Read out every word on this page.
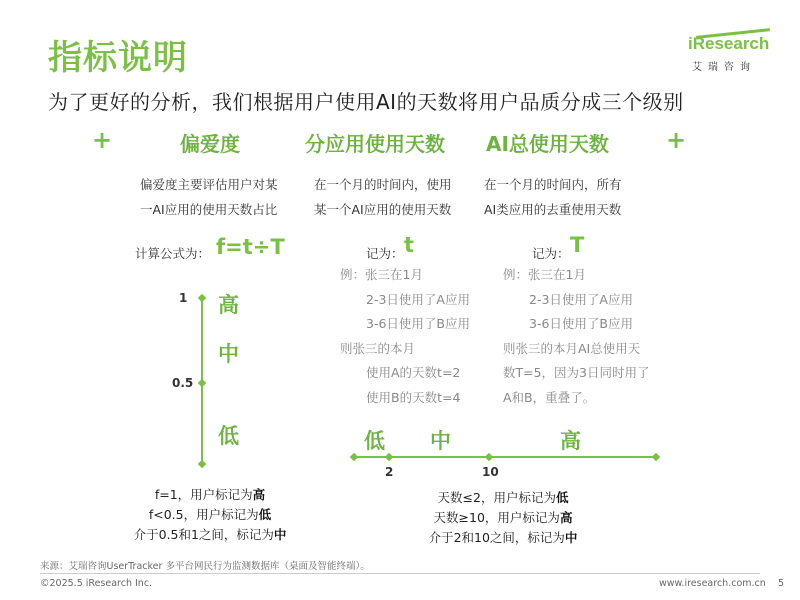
指标说明
为了更好的分析，我们根据用户使用AI的天数将用户品质分成三个级别
iResearch
艾瑞咨询
+	偏爱度	分应用使用天数 AI总使用天数 +
偏爱度主要评估用户对某
一AI应用的使用天数占比
在一个月的时间内，使用
某一个AI应用的使用天数
在一个月的时间内，所有
AI类应用的去重使用天数
计算公式为： f=t÷T	记为： t	记为： T
1
0.5
高
中
低
例：张三在1月
2-3日使用了A应用
3-6日使用了B应用
则张三的本月
使用A的天数t=2
使用B的天数t=4
例：张三在1月
2-3日使用了A应用
3-6日使用了B应用
则张三的本月AI总使用天
数T=5，因为3日同时用了
A和B，重叠了。
低 中	高
2	10
f=1，用户标记为高
f<0.5，用户标记为低
介于0.5和1之间，标记为中
天数≤2，用户标记为低
天数≥10，用户标记为高
介于2和10之间，标记为中
来源：艾瑞咨询UserTracker 多平台网民行为监测数据库（桌面及智能终端）。
©2025.5 iResearch Inc.	www.iresearch.com.cn 5
